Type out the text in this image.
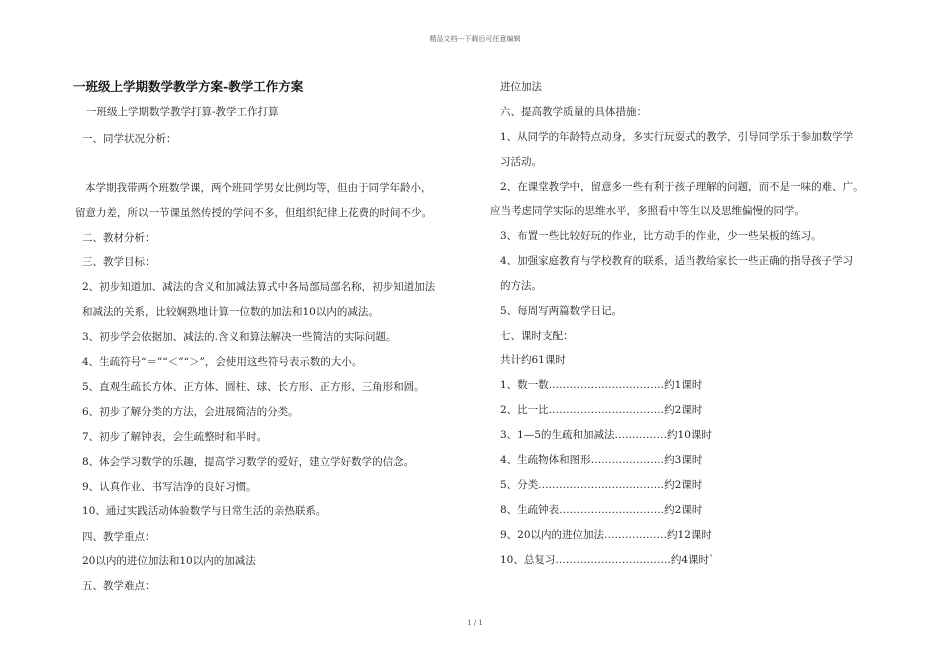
精品文档---下载后可任意编辑
一班级上学期数学教学方案-教学工作方案
一班级上学期数学教学打算-教学工作打算
一、同学状况分析：
本学期我带两个班数学课，两个班同学男女比例均等，但由于同学年龄小，
留意力差，所以一节课虽然传授的学问不多，但组织纪律上花费的时间不少。
二、教材分析：
三、教学目标：
2、初步知道加、减法的含义和加减法算式中各局部局部名称，初步知道加法
和减法的关系，比较娴熟地计算一位数的加法和10以内的减法。
3、初步学会依据加、减法的.含义和算法解决一些简洁的实际问题。
4、生疏符号“＝”“＜”“＞”，会使用这些符号表示数的大小。
5、直观生疏长方体、正方体、圆柱、球、长方形、正方形、三角形和圆。
6、初步了解分类的方法，会进展简洁的分类。
7、初步了解钟表，会生疏整时和半时。
8、体会学习数学的乐趣，提高学习数学的爱好，建立学好数学的信念。
9、认真作业、书写洁净的良好习惯。
10、通过实践活动体验数学与日常生活的亲热联系。
四、教学重点：
20以内的进位加法和10以内的加减法
五、教学难点：
进位加法
六、提高教学质量的具体措施：
1、从同学的年龄特点动身，多实行玩耍式的教学，引导同学乐于参加数学学
习活动。
2、在课堂教学中，留意多一些有利于孩子理解的问题，而不是一味的难、广。
应当考虑同学实际的思维水平，多照看中等生以及思维偏慢的同学。
3、布置一些比较好玩的作业，比方动手的作业，少一些呆板的练习。
4、加强家庭教育与学校教育的联系，适当教给家长一些正确的指导孩子学习
的方法。
5、每周写两篇数学日记。
七、课时支配：
共计约61课时
1、数一数……………………………约1课时
2、比一比……………………………约2课时
3、1—5的生疏和加减法……………约10课时
4、生疏物体和图形…………………约3课时
5、分类………………………………约2课时
8、生疏钟表…………………………约2课时
9、20以内的进位加法………………约12课时
10、总复习……………………………约4课时`
1 / 1
